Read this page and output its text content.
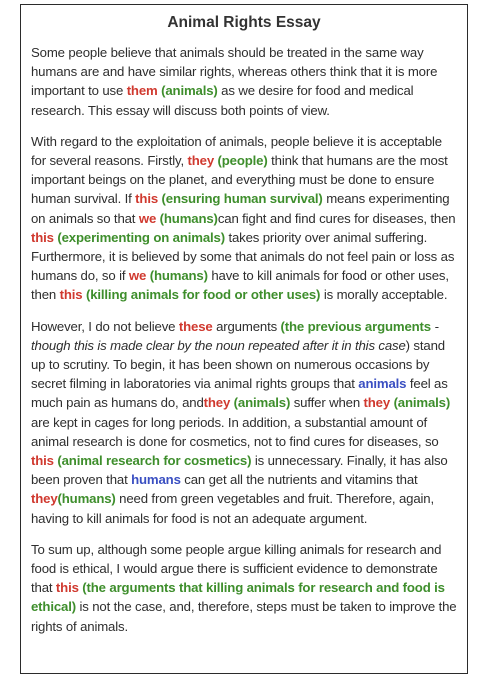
Animal Rights Essay

Some people believe that animals should be treated in the same way humans are and have similar rights, whereas others think that it is more important to use them (animals) as we desire for food and medical research. This essay will discuss both points of view.

With regard to the exploitation of animals, people believe it is acceptable for several reasons. Firstly, they (people) think that humans are the most important beings on the planet, and everything must be done to ensure human survival. If this (ensuring human survival) means experimenting on animals so that we (humans)can fight and find cures for diseases, then this (experimenting on animals) takes priority over animal suffering. Furthermore, it is believed by some that animals do not feel pain or loss as humans do, so if we (humans) have to kill animals for food or other uses, then this (killing animals for food or other uses) is morally acceptable.

However, I do not believe these arguments (the previous arguments - though this is made clear by the noun repeated after it in this case) stand up to scrutiny. To begin, it has been shown on numerous occasions by secret filming in laboratories via animal rights groups that animals feel as much pain as humans do, andthey (animals) suffer when they (animals) are kept in cages for long periods. In addition, a substantial amount of animal research is done for cosmetics, not to find cures for diseases, so this (animal research for cosmetics) is unnecessary. Finally, it has also been proven that humans can get all the nutrients and vitamins that they(humans) need from green vegetables and fruit. Therefore, again, having to kill animals for food is not an adequate argument.

To sum up, although some people argue killing animals for research and food is ethical, I would argue there is sufficient evidence to demonstrate that this (the arguments that killing animals for research and food is ethical) is not the case, and, therefore, steps must be taken to improve the rights of animals.
